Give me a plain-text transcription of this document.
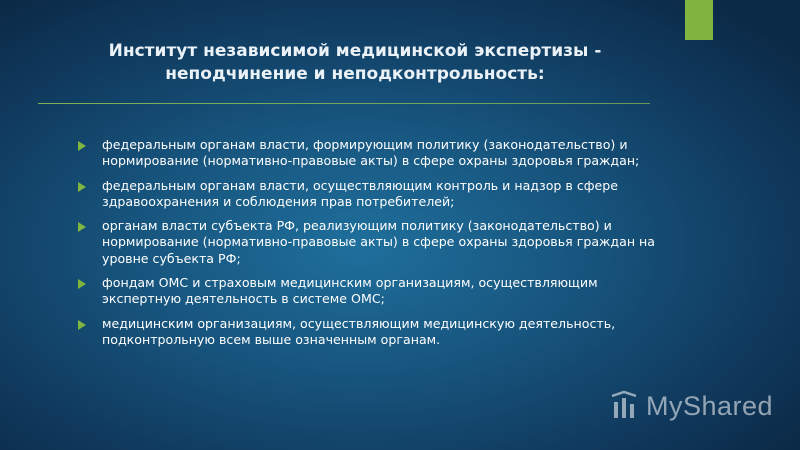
Институт независимой медицинской экспертизы -
неподчинение и неподконтрольность:
федеральным органам власти, формирующим политику (законодательство) и нормирование (нормативно-правовые акты) в сфере охраны здоровья граждан;
федеральным органам власти, осуществляющим контроль и надзор в сфере здравоохранения и соблюдения прав потребителей;
органам власти субъекта РФ, реализующим политику (законодательство) и нормирование (нормативно-правовые акты) в сфере охраны здоровья граждан на уровне субъекта РФ;
фондам ОМС и страховым медицинским организациям, осуществляющим экспертную деятельность в системе ОМС;
медицинским организациям, осуществляющим медицинскую деятельность, подконтрольную всем выше означенным органам.
MyShared
